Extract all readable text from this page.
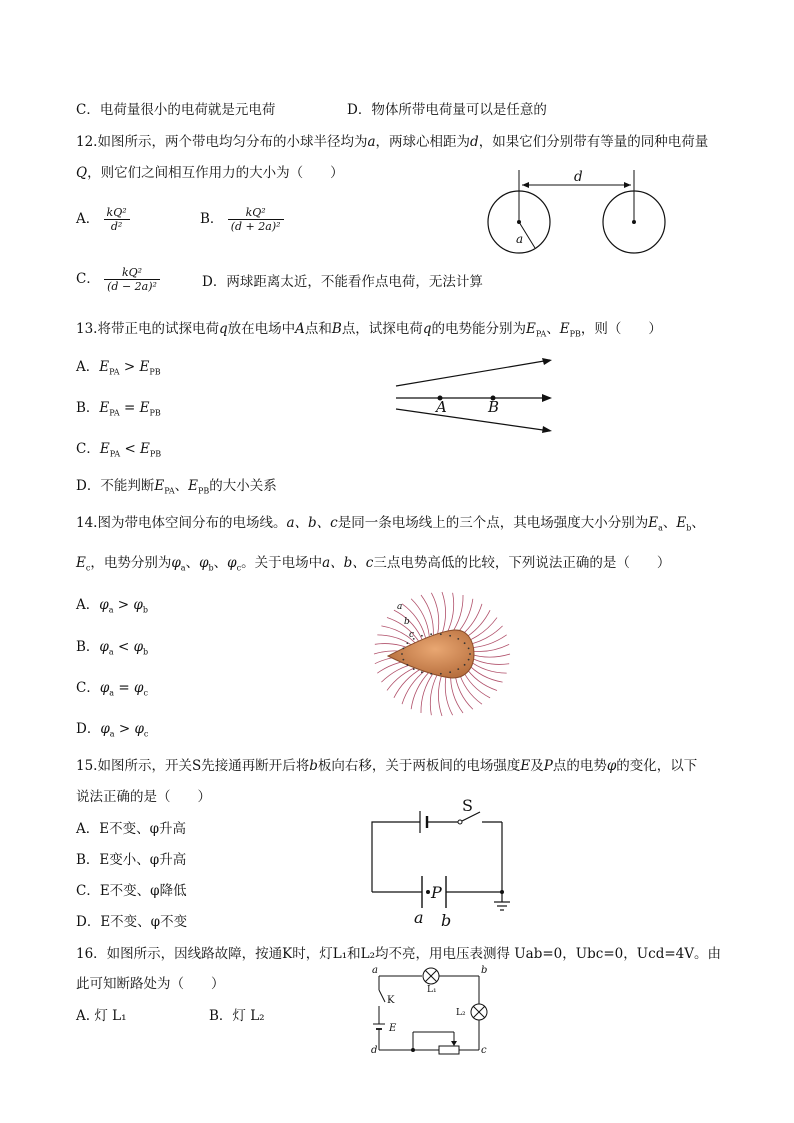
C．电荷量很小的电荷就是元电荷	D．物体所带电荷量可以是任意的
12.如图所示，两个带电均匀分布的小球半径均为a，两球心相距为d，如果它们分别带有等量的同种电荷量
Q，则它们之间相互作用力的大小为（　　）
A． $\frac{\text{kQ²}}{\text{d²}}$	B． $\frac{\text{kQ²}}{\text{(d + 2a)²}}$
C． $\frac{\text{kQ²}}{\text{(d − 2a)²}}$	D．两球距离太近，不能看作点电荷，无法计算
d
a
13.将带正电的试探电荷q放在电场中A点和B点，试探电荷q的电势能分别为$E_{PA}$、$E_{PB}$，则（　　）
A．$E_{PA} > E_{PB}$
B．$E_{PA} = E_{PB}$
C．$E_{PA} < E_{PB}$
D．不能判断$E_{PA}$、$E_{PB}$的大小关系
A	B
14.图为带电体空间分布的电场线。a、b、c是同一条电场线上的三个点，其电场强度大小分别为$E_a$、$E_b$、
$E_c$，电势分别为$\varphi_a$、$\varphi_b$、$\varphi_c$。关于电场中a、b、c三点电势高低的比较，下列说法正确的是（　　）
A．$\varphi_a > \varphi_b$
B．$\varphi_a < \varphi_b$
C．$\varphi_a = \varphi_c$
D．$\varphi_a > \varphi_c$
a
b
c
15.如图所示，开关S先接通再断开后将b板向右移，关于两板间的电场强度E及P点的电势φ的变化，以下
说法正确的是（　　）
A．E不变、φ升高
B．E变小、φ升高
C．E不变、φ降低
D．E不变、φ不变
S
P
a b
16．如图所示，因线路故障，按通K时，灯L₁和L₂均不亮，用电压表测得 Uab=0，Ubc=0，Ucd=4V。由
此可知断路处为（　　）
A. 灯 L₁	B．灯 L₂
a	b
c
d
K
E
L₁
L₂
